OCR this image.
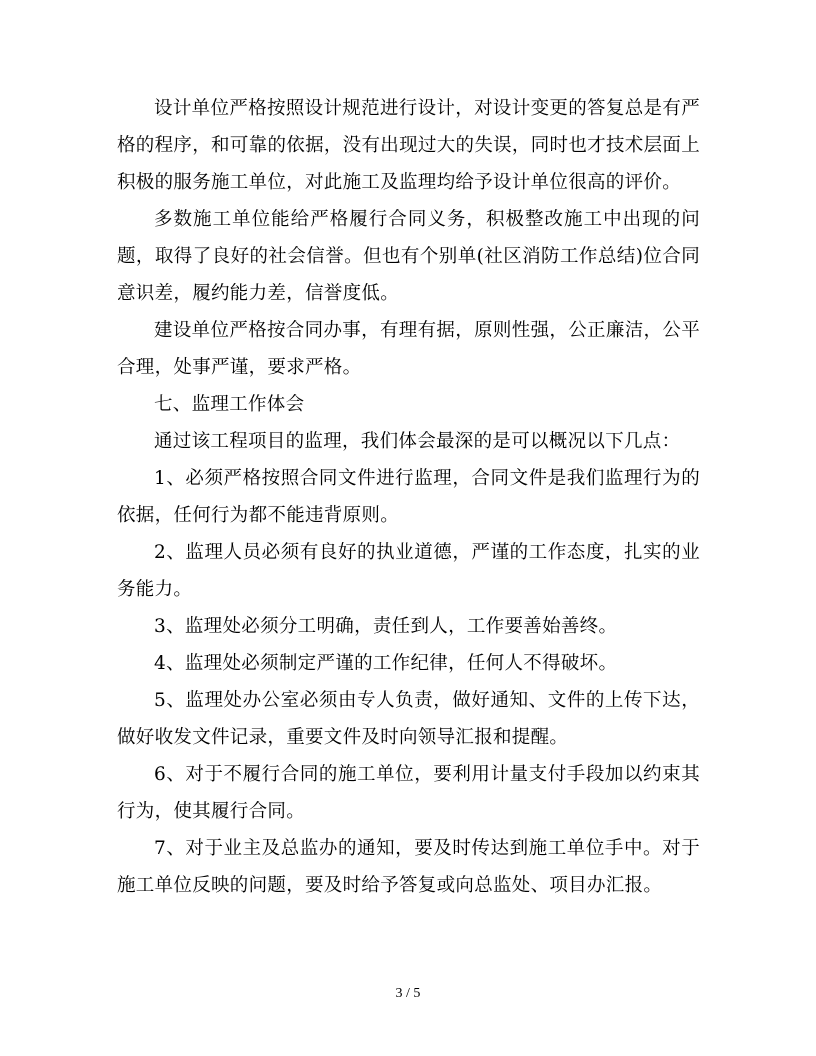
设计单位严格按照设计规范进行设计，对设计变更的答复总是有严格的程序，和可靠的依据，没有出现过大的失误，同时也才技术层面上积极的服务施工单位，对此施工及监理均给予设计单位很高的评价。

多数施工单位能给严格履行合同义务，积极整改施工中出现的问题，取得了良好的社会信誉。但也有个别单(社区消防工作总结)位合同意识差，履约能力差，信誉度低。

建设单位严格按合同办事，有理有据，原则性强，公正廉洁，公平合理，处事严谨，要求严格。

七、监理工作体会

通过该工程项目的监理，我们体会最深的是可以概况以下几点：

1、必须严格按照合同文件进行监理，合同文件是我们监理行为的依据，任何行为都不能违背原则。

2、监理人员必须有良好的执业道德，严谨的工作态度，扎实的业务能力。

3、监理处必须分工明确，责任到人，工作要善始善终。

4、监理处必须制定严谨的工作纪律，任何人不得破坏。

5、监理处办公室必须由专人负责，做好通知、文件的上传下达，做好收发文件记录，重要文件及时向领导汇报和提醒。

6、对于不履行合同的施工单位，要利用计量支付手段加以约束其行为，使其履行合同。

7、对于业主及总监办的通知，要及时传达到施工单位手中。对于施工单位反映的问题，要及时给予答复或向总监处、项目办汇报。

3 / 5
